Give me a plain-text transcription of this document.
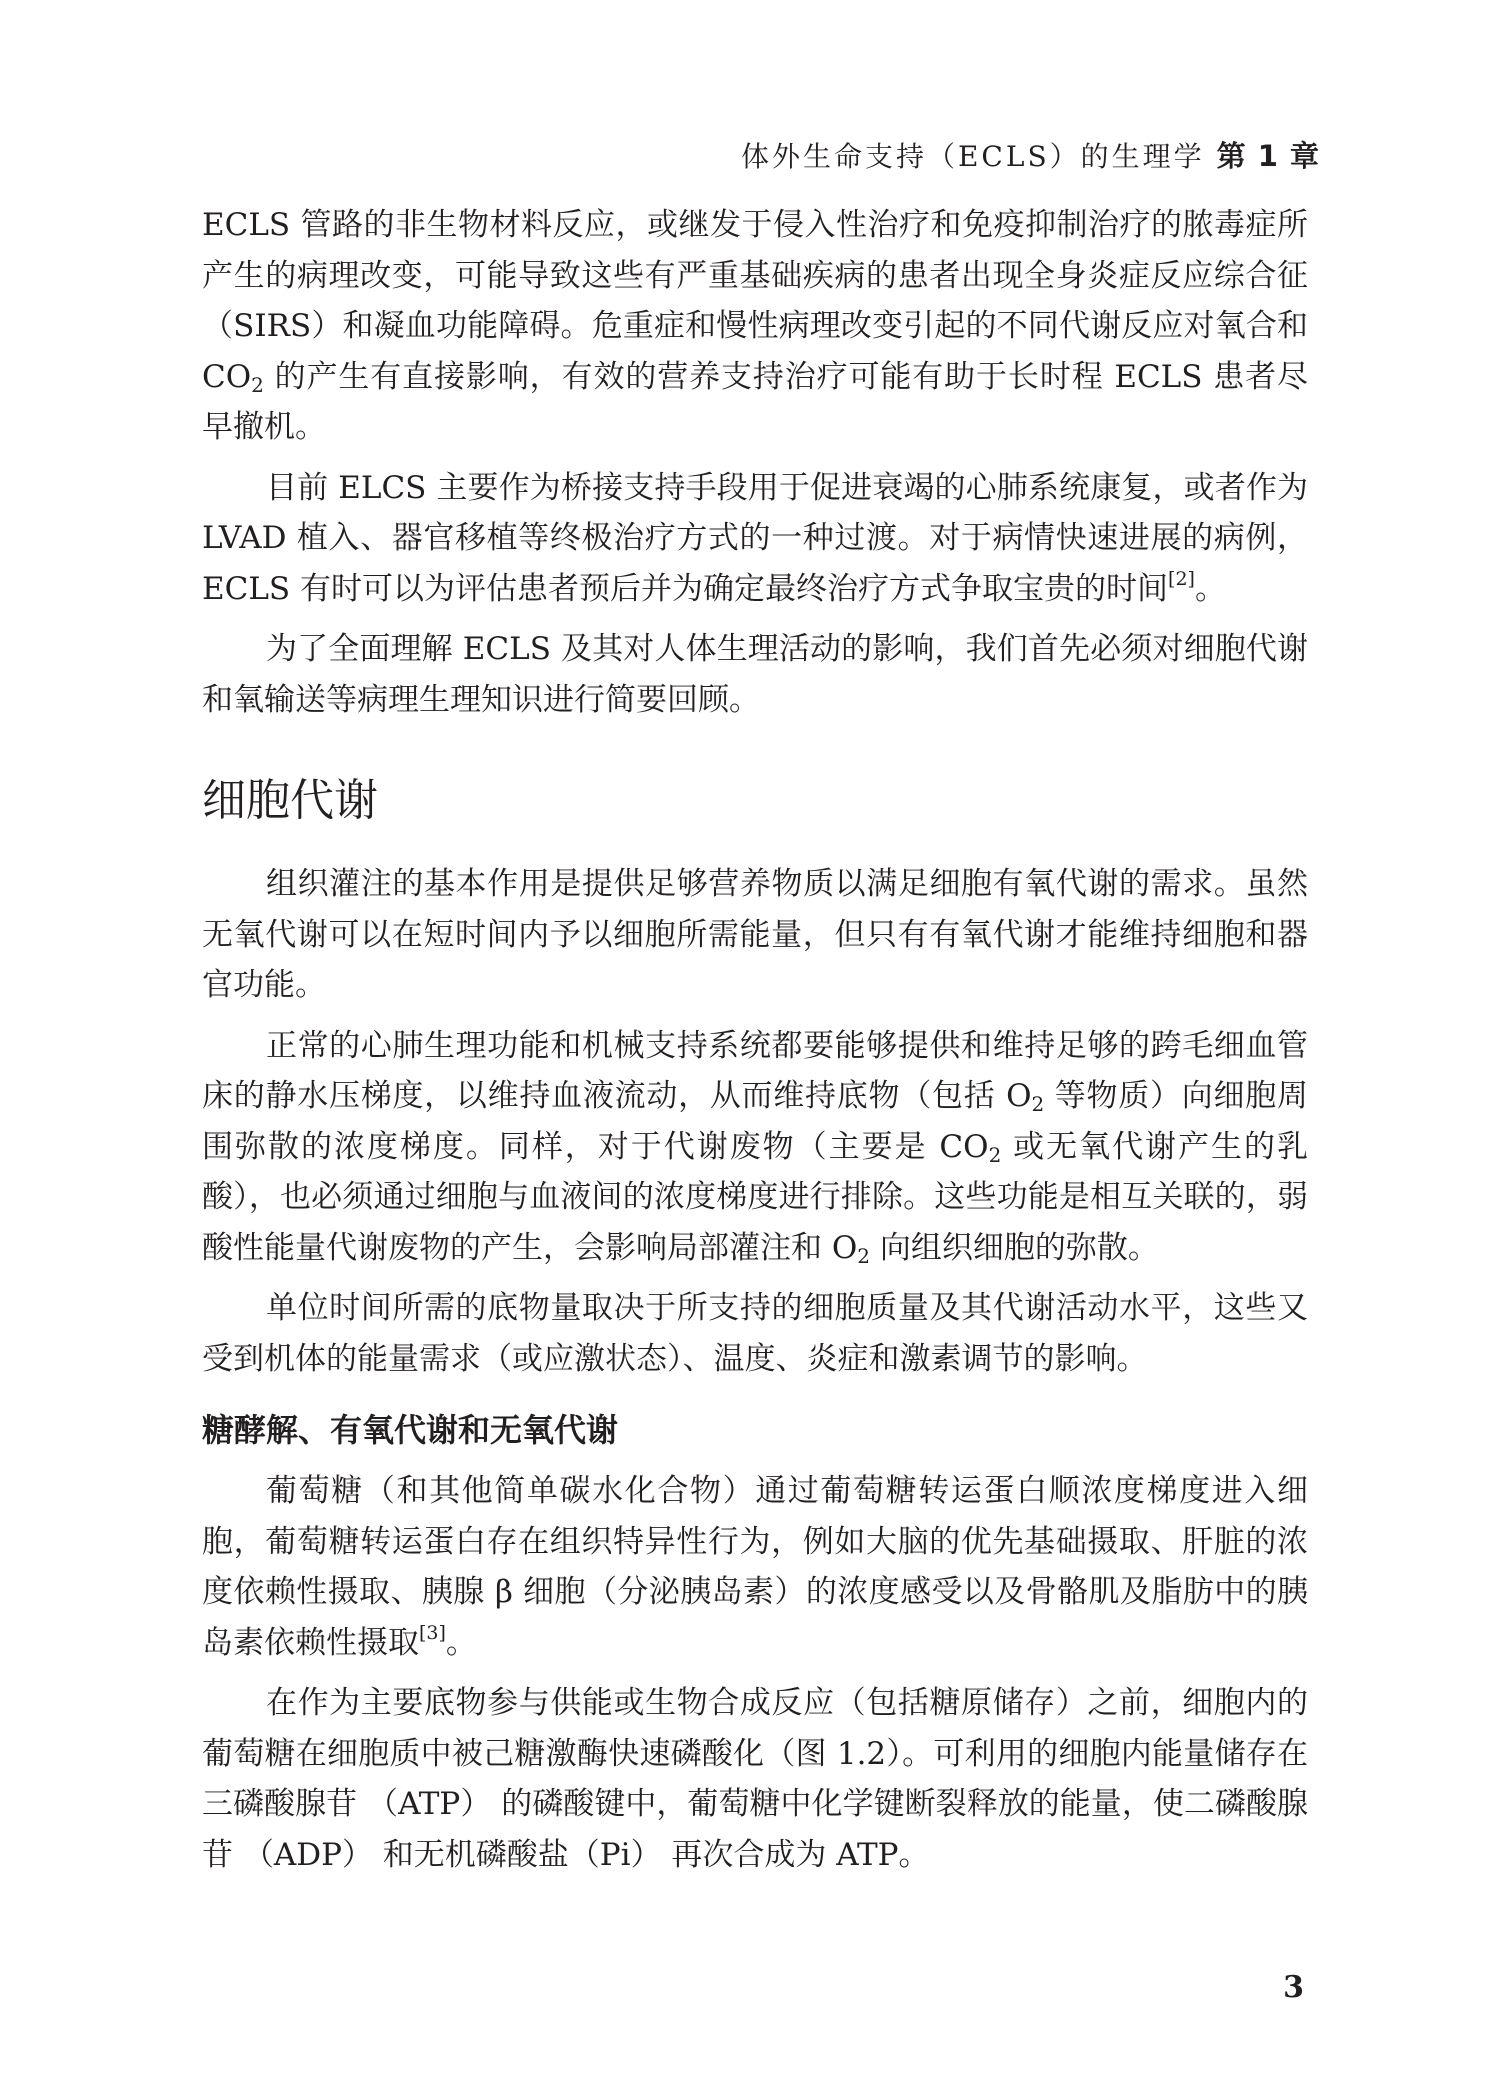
体外生命支持（ECLS）的生理学 第 1 章

ECLS 管路的非生物材料反应，或继发于侵入性治疗和免疫抑制治疗的脓毒症所产生的病理改变，可能导致这些有严重基础疾病的患者出现全身炎症反应综合征（SIRS）和凝血功能障碍。危重症和慢性病理改变引起的不同代谢反应对氧合和 $CO_2$ 的产生有直接影响，有效的营养支持治疗可能有助于长时程 ECLS 患者尽早撤机。

目前 ELCS 主要作为桥接支持手段用于促进衰竭的心肺系统康复，或者作为 LVAD 植入、器官移植等终极治疗方式的一种过渡。对于病情快速进展的病例，ECLS 有时可以为评估患者预后并为确定最终治疗方式争取宝贵的时间[2]。

为了全面理解 ECLS 及其对人体生理活动的影响，我们首先必须对细胞代谢和氧输送等病理生理知识进行简要回顾。

细胞代谢

组织灌注的基本作用是提供足够营养物质以满足细胞有氧代谢的需求。虽然无氧代谢可以在短时间内予以细胞所需能量，但只有有氧代谢才能维持细胞和器官功能。

正常的心肺生理功能和机械支持系统都要能够提供和维持足够的跨毛细血管床的静水压梯度，以维持血液流动，从而维持底物（包括 $O_2$ 等物质）向细胞周围弥散的浓度梯度。同样，对于代谢废物（主要是 $CO_2$ 或无氧代谢产生的乳酸），也必须通过细胞与血液间的浓度梯度进行排除。这些功能是相互关联的，弱酸性能量代谢废物的产生，会影响局部灌注和 $O_2$ 向组织细胞的弥散。

单位时间所需的底物量取决于所支持的细胞质量及其代谢活动水平，这些又受到机体的能量需求（或应激状态）、温度、炎症和激素调节的影响。

糖酵解、有氧代谢和无氧代谢

葡萄糖（和其他简单碳水化合物）通过葡萄糖转运蛋白顺浓度梯度进入细胞，葡萄糖转运蛋白存在组织特异性行为，例如大脑的优先基础摄取、肝脏的浓度依赖性摄取、胰腺 β 细胞（分泌胰岛素）的浓度感受以及骨骼肌及脂肪中的胰岛素依赖性摄取[3]。

在作为主要底物参与供能或生物合成反应（包括糖原储存）之前，细胞内的葡萄糖在细胞质中被己糖激酶快速磷酸化（图 1.2）。可利用的细胞内能量储存在三磷酸腺苷 （ATP） 的磷酸键中，葡萄糖中化学键断裂释放的能量，使二磷酸腺苷 （ADP） 和无机磷酸盐（Pi） 再次合成为 ATP。

3
